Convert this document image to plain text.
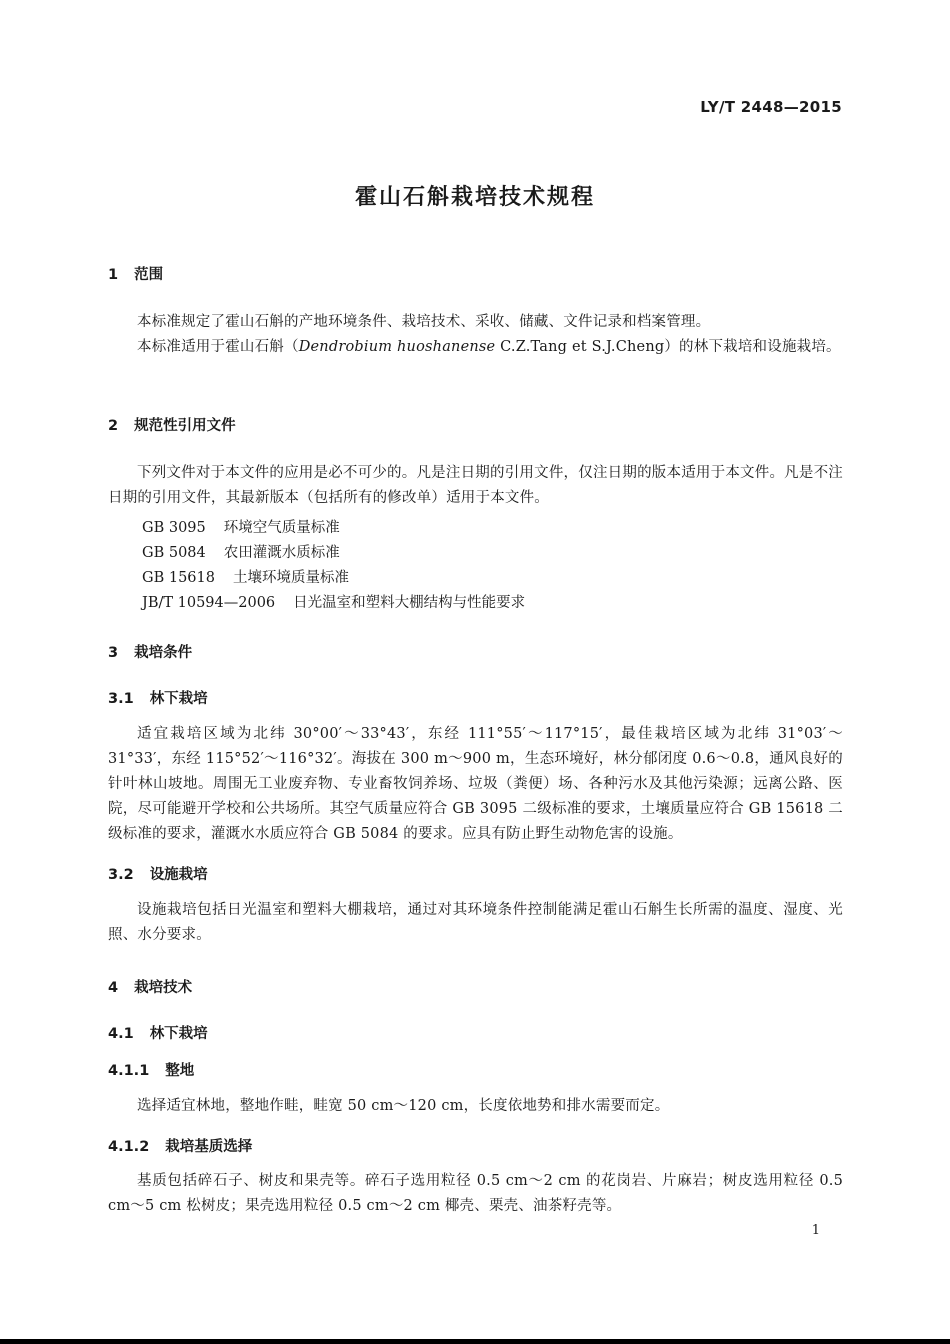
LY/T 2448—2015
霍山石斛栽培技术规程
1 范围
本标准规定了霍山石斛的产地环境条件、栽培技术、采收、储藏、文件记录和档案管理。
本标准适用于霍山石斛（Dendrobium huoshanense C.Z.Tang et S.J.Cheng）的林下栽培和设施栽培。
2 规范性引用文件
下列文件对于本文件的应用是必不可少的。凡是注日期的引用文件，仅注日期的版本适用于本文件。凡是不注日期的引用文件，其最新版本（包括所有的修改单）适用于本文件。
GB 3095 环境空气质量标准
GB 5084 农田灌溉水质标准
GB 15618 土壤环境质量标准
JB/T 10594—2006 日光温室和塑料大棚结构与性能要求
3 栽培条件
3.1 林下栽培
适宜栽培区域为北纬 30°00′～33°43′，东经 111°55′～117°15′，最佳栽培区域为北纬 31°03′～31°33′，东经 115°52′～116°32′。海拔在 300 m～900 m，生态环境好，林分郁闭度 0.6～0.8，通风良好的针叶林山坡地。周围无工业废弃物、专业畜牧饲养场、垃圾（粪便）场、各种污水及其他污染源；远离公路、医院，尽可能避开学校和公共场所。其空气质量应符合 GB 3095 二级标准的要求，土壤质量应符合 GB 15618 二级标准的要求，灌溉水水质应符合 GB 5084 的要求。应具有防止野生动物危害的设施。
3.2 设施栽培
设施栽培包括日光温室和塑料大棚栽培，通过对其环境条件控制能满足霍山石斛生长所需的温度、湿度、光照、水分要求。
4 栽培技术
4.1 林下栽培
4.1.1 整地
选择适宜林地，整地作畦，畦宽 50 cm～120 cm，长度依地势和排水需要而定。
4.1.2 栽培基质选择
基质包括碎石子、树皮和果壳等。碎石子选用粒径 0.5 cm～2 cm 的花岗岩、片麻岩；树皮选用粒径 0.5 cm～5 cm 松树皮；果壳选用粒径 0.5 cm～2 cm 椰壳、栗壳、油茶籽壳等。
1
